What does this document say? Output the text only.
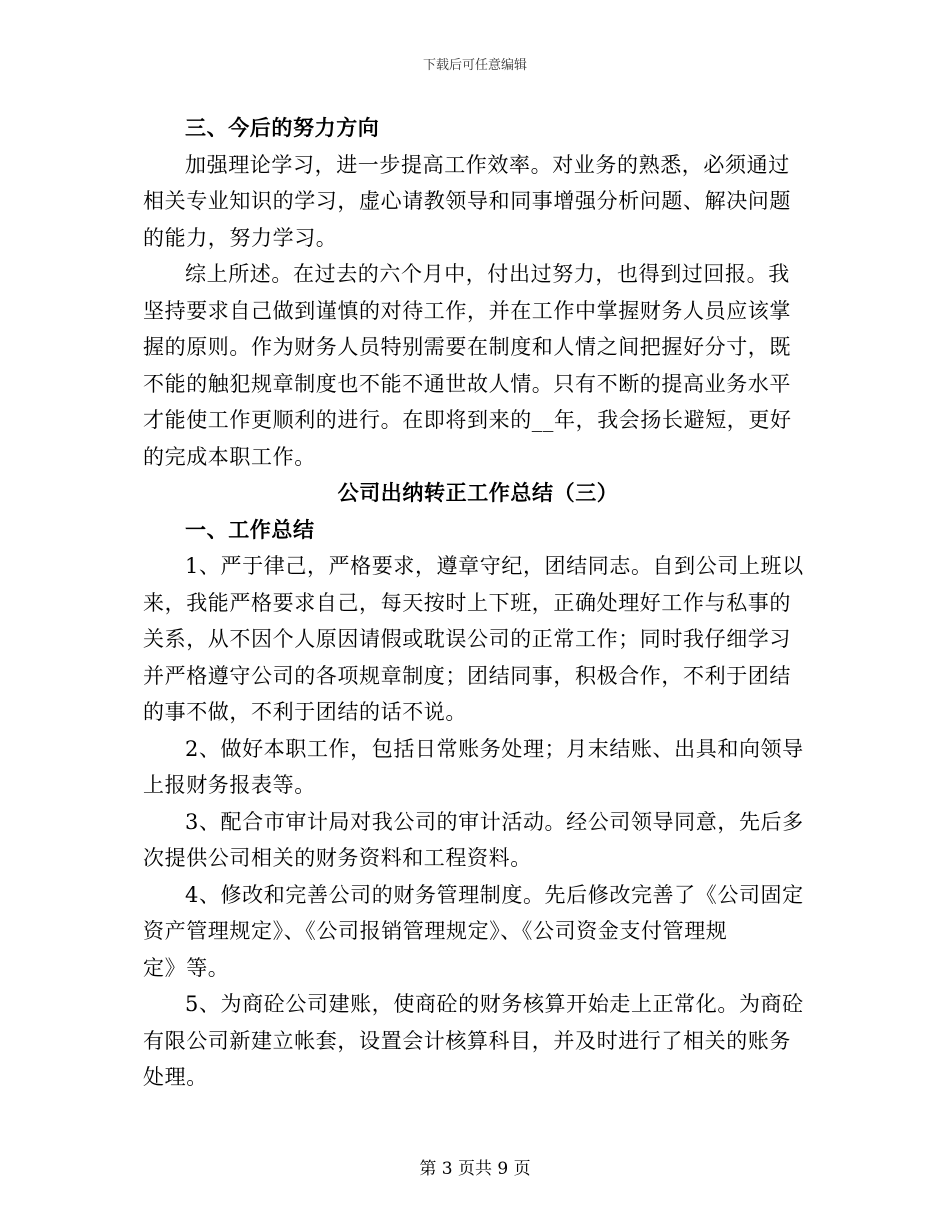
下载后可任意编辑
三、今后的努力方向
加强理论学习，进一步提高工作效率。对业务的熟悉，必须通过
相关专业知识的学习，虚心请教领导和同事增强分析问题、解决问题
的能力，努力学习。
综上所述。在过去的六个月中，付出过努力，也得到过回报。我
坚持要求自己做到谨慎的对待工作，并在工作中掌握财务人员应该掌
握的原则。作为财务人员特别需要在制度和人情之间把握好分寸，既
不能的触犯规章制度也不能不通世故人情。只有不断的提高业务水平
才能使工作更顺利的进行。在即将到来的__年，我会扬长避短，更好
的完成本职工作。
公司出纳转正工作总结（三）
一、工作总结
1、严于律己，严格要求，遵章守纪，团结同志。自到公司上班以
来，我能严格要求自己，每天按时上下班，正确处理好工作与私事的
关系，从不因个人原因请假或耽误公司的正常工作；同时我仔细学习
并严格遵守公司的各项规章制度；团结同事，积极合作，不利于团结
的事不做，不利于团结的话不说。
2、做好本职工作，包括日常账务处理；月末结账、出具和向领导
上报财务报表等。
3、配合市审计局对我公司的审计活动。经公司领导同意，先后多
次提供公司相关的财务资料和工程资料。
4、修改和完善公司的财务管理制度。先后修改完善了《公司固定
资产管理规定》、《公司报销管理规定》、《公司资金支付管理规
定》等。
5、为商砼公司建账，使商砼的财务核算开始走上正常化。为商砼
有限公司新建立帐套，设置会计核算科目，并及时进行了相关的账务
处理。
第 3 页共 9 页
